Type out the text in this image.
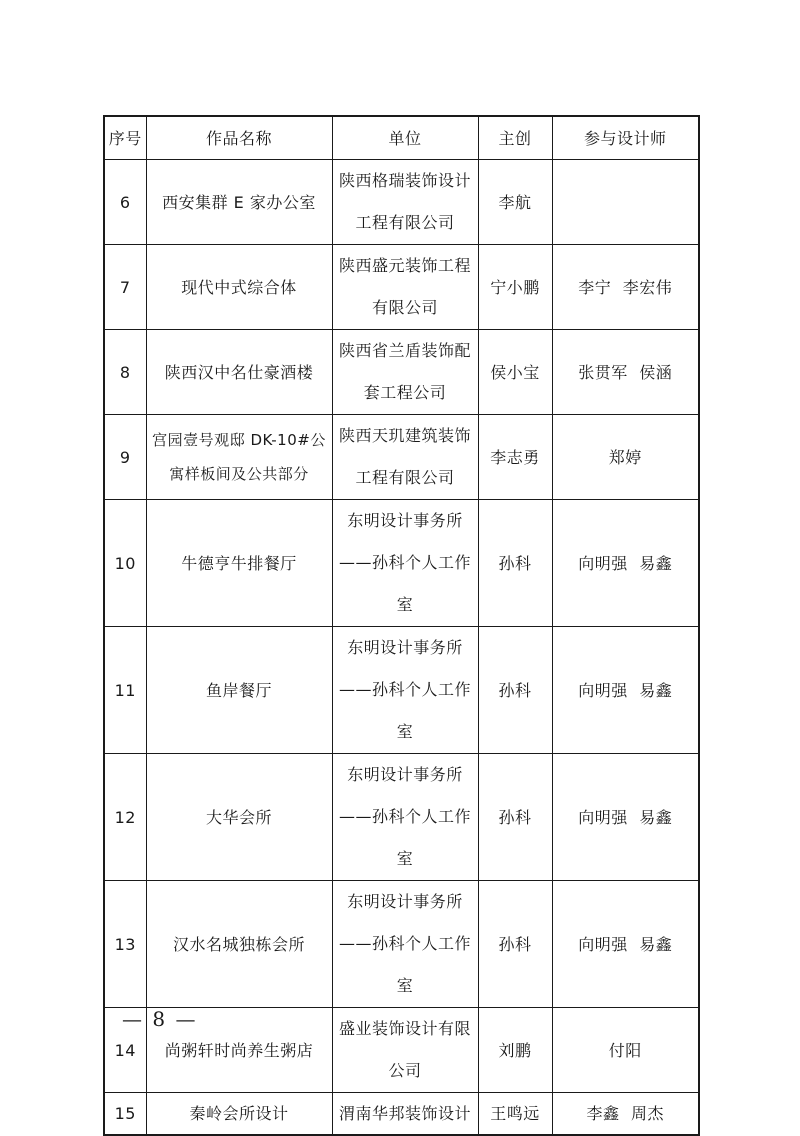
序号	作品名称	单位	主创	参与设计师
6	西安集群 E 家办公室	陕西格瑞装饰设计工程有限公司	李航	
7	现代中式综合体	陕西盛元装饰工程有限公司	宁小鹏	李宁 李宏伟
8	陕西汉中名仕豪酒楼	陕西省兰盾装饰配套工程公司	侯小宝	张贯军 侯涵
9	宫园壹号观邸 DK-10#公寓样板间及公共部分	陕西天玑建筑装饰工程有限公司	李志勇	郑婷
10	牛德亨牛排餐厅	东明设计事务所——孙科个人工作室	孙科	向明强 易鑫
11	鱼岸餐厅	东明设计事务所——孙科个人工作室	孙科	向明强 易鑫
12	大华会所	东明设计事务所——孙科个人工作室	孙科	向明强 易鑫
13	汉水名城独栋会所	东明设计事务所——孙科个人工作室	孙科	向明强 易鑫
14	尚粥轩时尚养生粥店	盛业装饰设计有限公司	刘鹏	付阳
15	秦岭会所设计	渭南华邦装饰设计	王鸣远	李鑫 周杰
— 8 —
